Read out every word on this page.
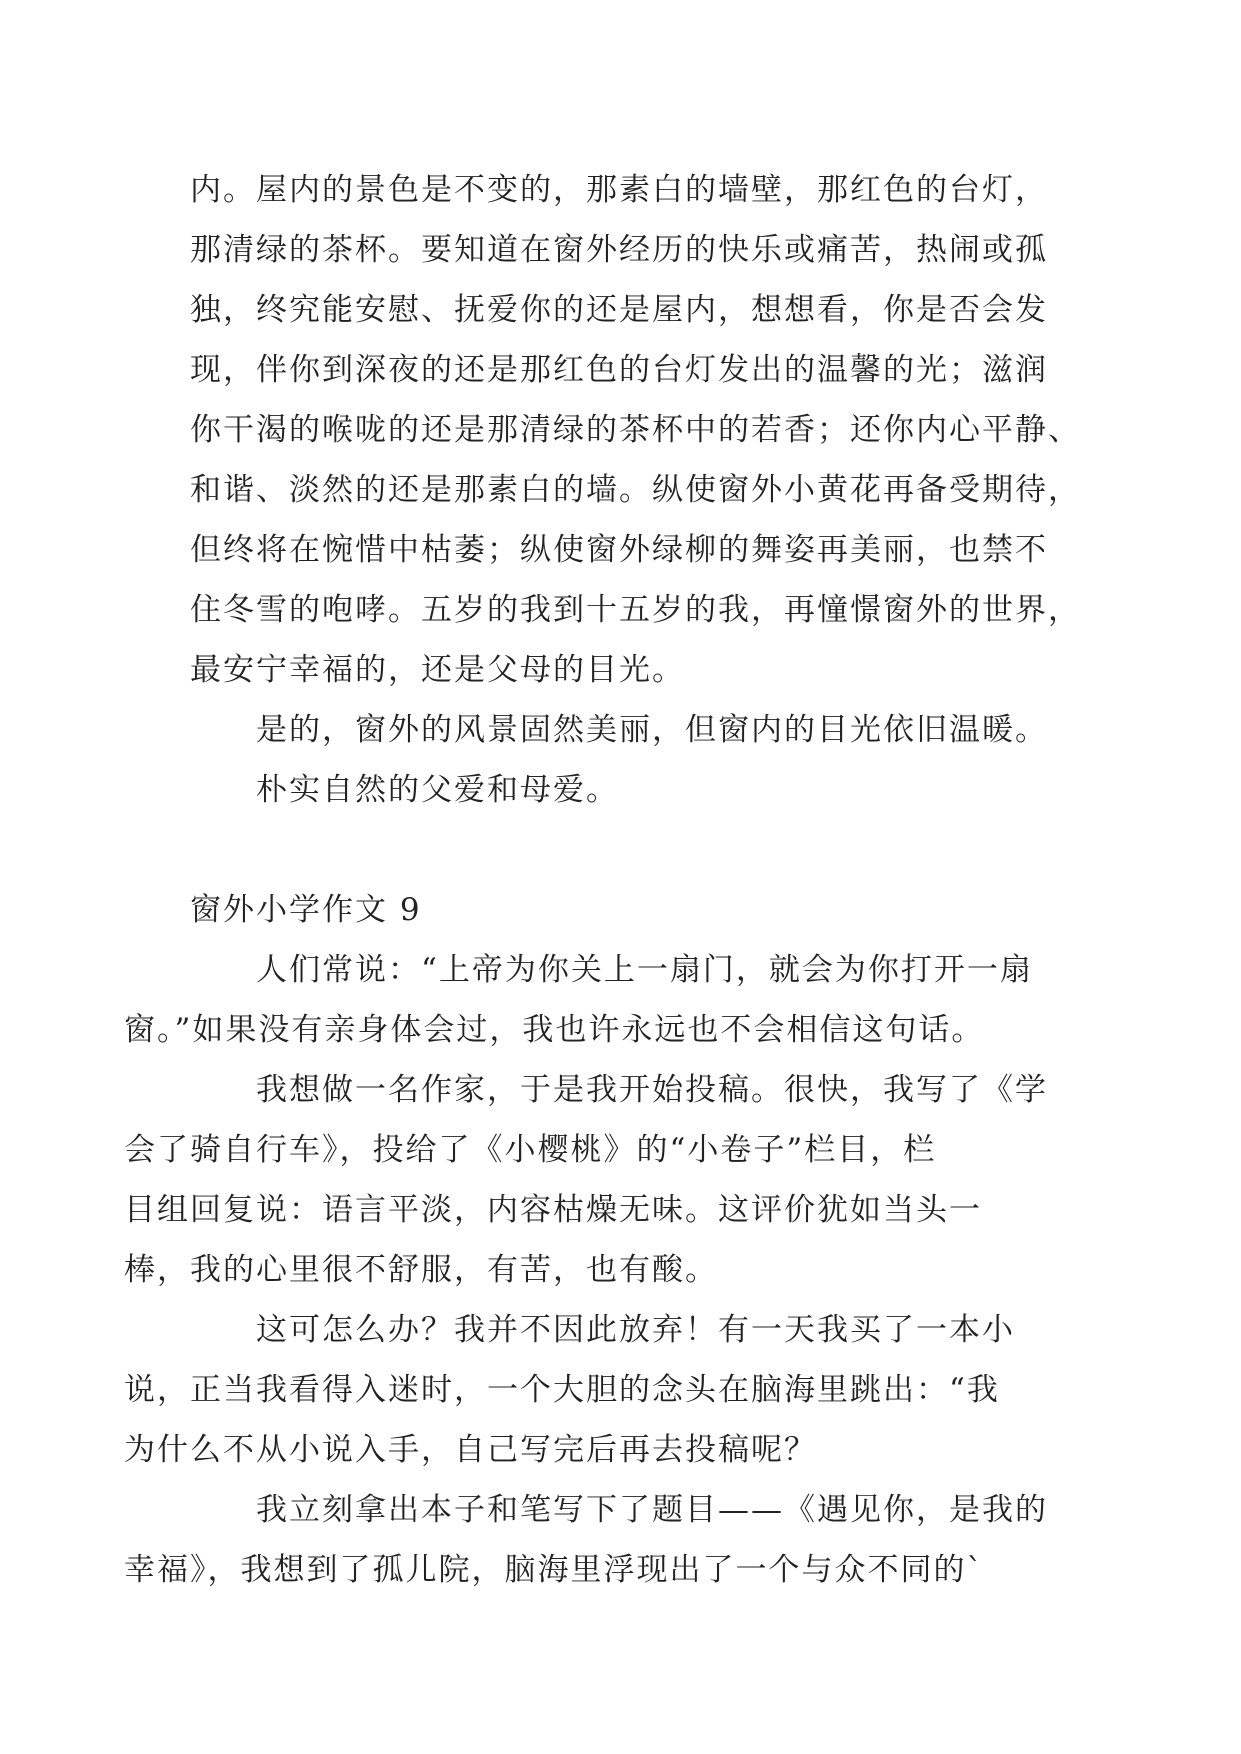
内。屋内的景色是不变的，那素白的墙壁，那红色的台灯，
那清绿的茶杯。要知道在窗外经历的快乐或痛苦，热闹或孤
独，终究能安慰、抚爱你的还是屋内，想想看，你是否会发
现，伴你到深夜的还是那红色的台灯发出的温馨的光；滋润
你干渴的喉咙的还是那清绿的茶杯中的若香；还你内心平静、
和谐、淡然的还是那素白的墙。纵使窗外小黄花再备受期待，
但终将在惋惜中枯萎；纵使窗外绿柳的舞姿再美丽，也禁不
住冬雪的咆哮。五岁的我到十五岁的我，再憧憬窗外的世界，
最安宁幸福的，还是父母的目光。

是的，窗外的风景固然美丽，但窗内的目光依旧温暖。

朴实自然的父爱和母爱。

窗外小学作文 9

人们常说：“上帝为你关上一扇门，就会为你打开一扇
窗。”如果没有亲身体会过，我也许永远也不会相信这句话。

我想做一名作家，于是我开始投稿。很快，我写了《学
会了骑自行车》，投给了《小樱桃》的“小卷子”栏目，栏
目组回复说：语言平淡，内容枯燥无味。这评价犹如当头一
棒，我的心里很不舒服，有苦，也有酸。

这可怎么办？我并不因此放弃！有一天我买了一本小
说，正当我看得入迷时，一个大胆的念头在脑海里跳出：“我
为什么不从小说入手，自己写完后再去投稿呢？

我立刻拿出本子和笔写下了题目——《遇见你，是我的
幸福》，我想到了孤儿院，脑海里浮现出了一个与众不同的`
